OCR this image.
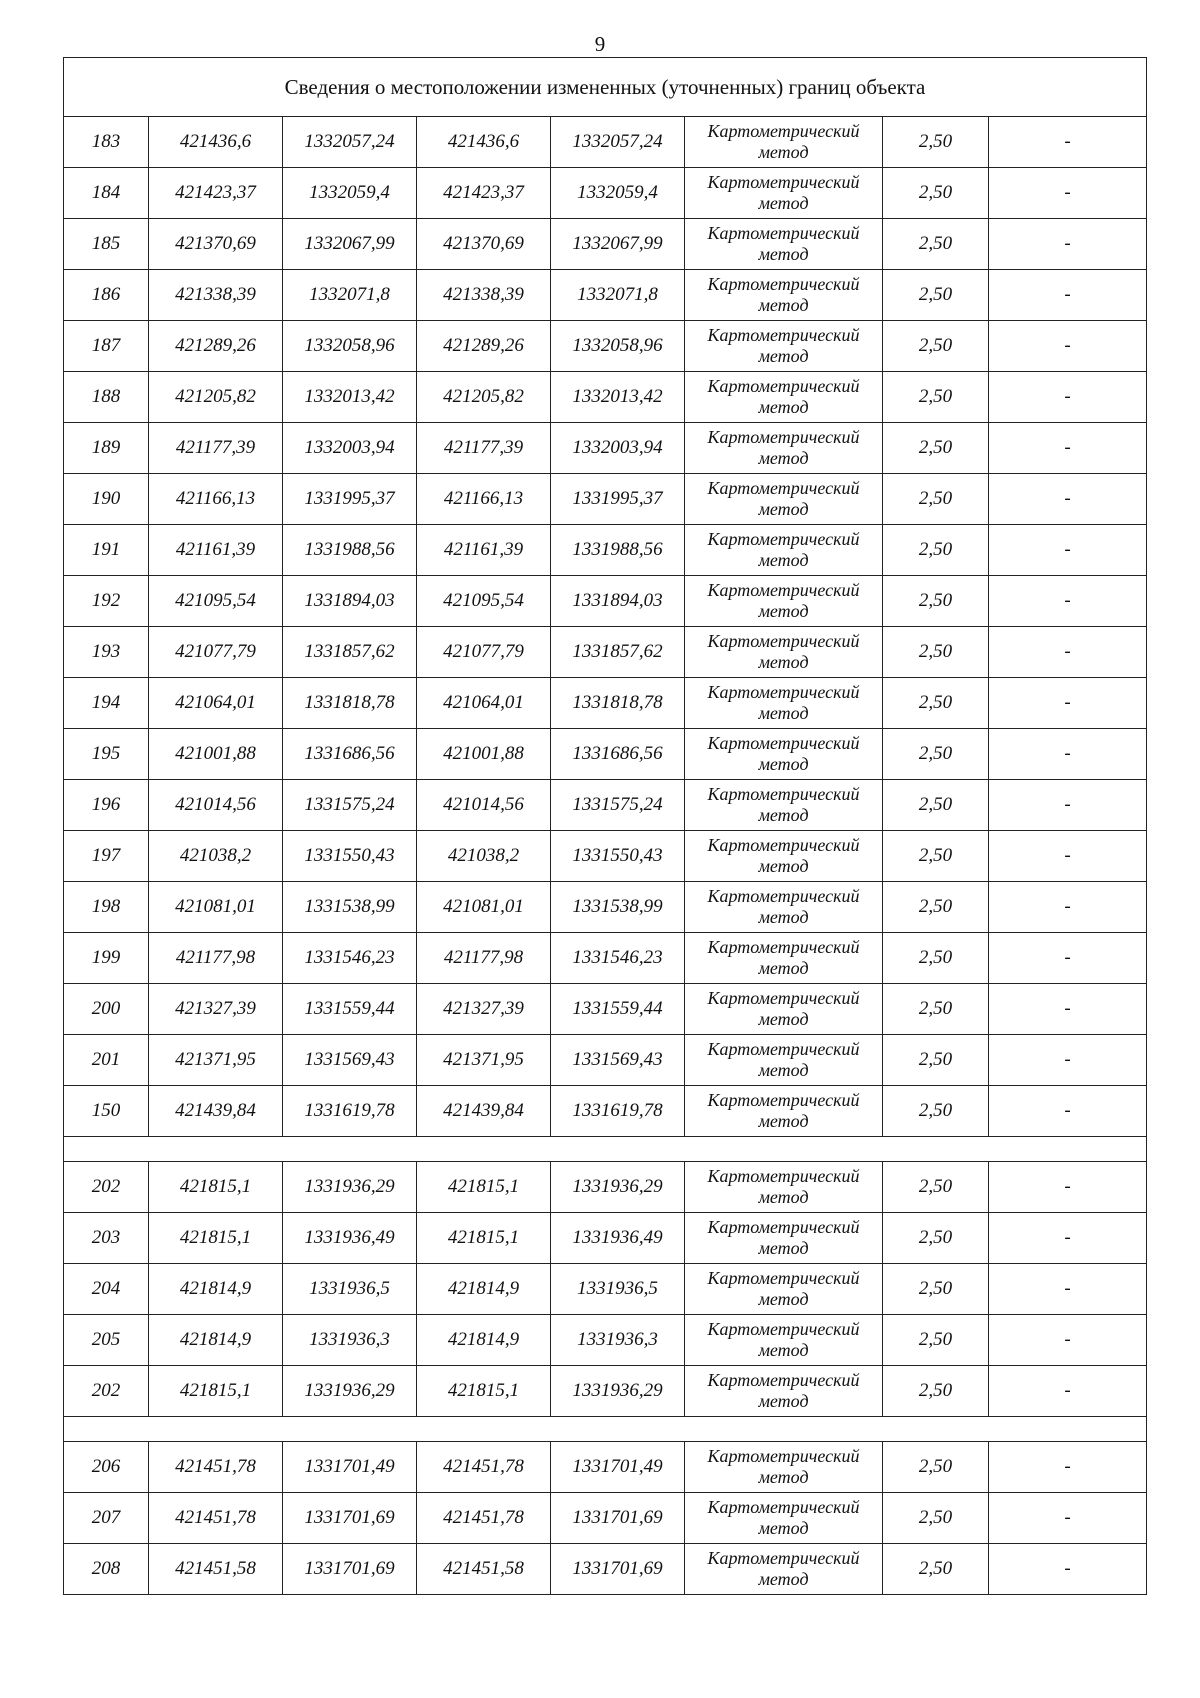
9
Сведения о местоположении измененных (уточненных) границ объекта							
183	421436,6	1332057,24	421436,6	1332057,24	Картометрический
метод	2,50	-
184	421423,37	1332059,4	421423,37	1332059,4	Картометрический
метод	2,50	-
185	421370,69	1332067,99	421370,69	1332067,99	Картометрический
метод	2,50	-
186	421338,39	1332071,8	421338,39	1332071,8	Картометрический
метод	2,50	-
187	421289,26	1332058,96	421289,26	1332058,96	Картометрический
метод	2,50	-
188	421205,82	1332013,42	421205,82	1332013,42	Картометрический
метод	2,50	-
189	421177,39	1332003,94	421177,39	1332003,94	Картометрический
метод	2,50	-
190	421166,13	1331995,37	421166,13	1331995,37	Картометрический
метод	2,50	-
191	421161,39	1331988,56	421161,39	1331988,56	Картометрический
метод	2,50	-
192	421095,54	1331894,03	421095,54	1331894,03	Картометрический
метод	2,50	-
193	421077,79	1331857,62	421077,79	1331857,62	Картометрический
метод	2,50	-
194	421064,01	1331818,78	421064,01	1331818,78	Картометрический
метод	2,50	-
195	421001,88	1331686,56	421001,88	1331686,56	Картометрический
метод	2,50	-
196	421014,56	1331575,24	421014,56	1331575,24	Картометрический
метод	2,50	-
197	421038,2	1331550,43	421038,2	1331550,43	Картометрический
метод	2,50	-
198	421081,01	1331538,99	421081,01	1331538,99	Картометрический
метод	2,50	-
199	421177,98	1331546,23	421177,98	1331546,23	Картометрический
метод	2,50	-
200	421327,39	1331559,44	421327,39	1331559,44	Картометрический
метод	2,50	-
201	421371,95	1331569,43	421371,95	1331569,43	Картометрический
метод	2,50	-
150	421439,84	1331619,78	421439,84	1331619,78	Картометрический
метод	2,50	-

202	421815,1	1331936,29	421815,1	1331936,29	Картометрический
метод	2,50	-
203	421815,1	1331936,49	421815,1	1331936,49	Картометрический
метод	2,50	-
204	421814,9	1331936,5	421814,9	1331936,5	Картометрический
метод	2,50	-
205	421814,9	1331936,3	421814,9	1331936,3	Картометрический
метод	2,50	-
202	421815,1	1331936,29	421815,1	1331936,29	Картометрический
метод	2,50	-

206	421451,78	1331701,49	421451,78	1331701,49	Картометрический
метод	2,50	-
207	421451,78	1331701,69	421451,78	1331701,69	Картометрический
метод	2,50	-
208	421451,58	1331701,69	421451,58	1331701,69	Картометрический
метод	2,50	-
